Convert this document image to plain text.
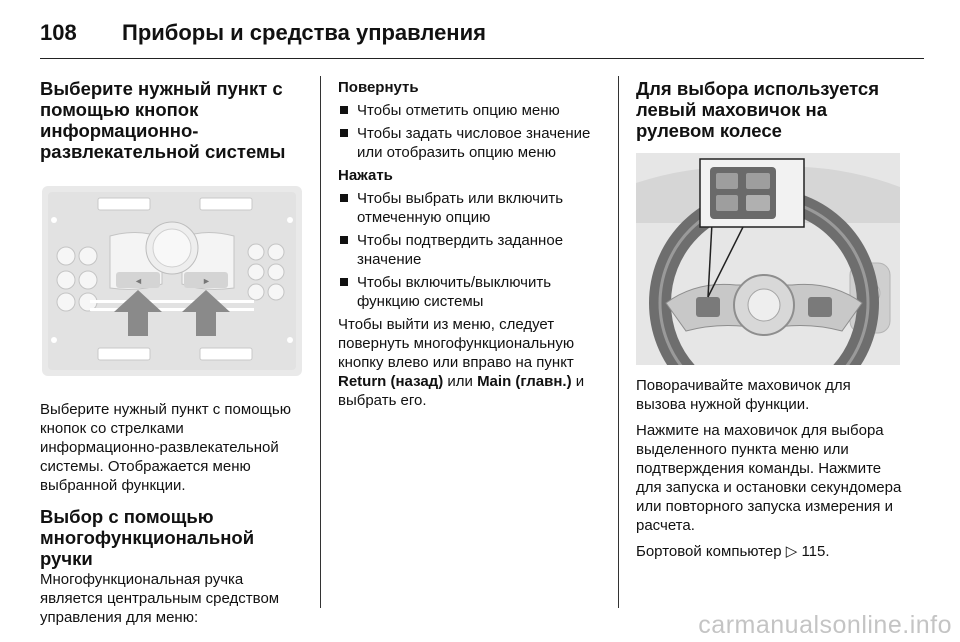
108 Приборы и средства управления
Выберите нужный пункт с помощью кнопок информационно-развлекательной системы
◄	►

Выберите нужный пункт с помощью кнопок со стрелками информационно-развлекательной системы. Отображается меню выбранной функции.

Выбор с помощью многофункциональной ручки

Многофункциональная ручка является центральным средством управления для меню:

Повернуть
Чтобы отметить опцию меню
Чтобы задать числовое значение или отобразить опцию меню
Нажать
Чтобы выбрать или включить отмеченную опцию
Чтобы подтвердить заданное значение
Чтобы включить/выключить функцию системы

Чтобы выйти из меню, следует повернуть многофункциональную кнопку влево или вправо на пункт Return (назад) или Main (главн.) и выбрать его.

Для выбора используется левый маховичок на рулевом колесе

Поворачивайте маховичок для вызова нужной функции.

Нажмите на маховичок для выбора выделенного пункта меню или подтверждения команды. Нажмите для запуска и остановки секундомера или повторного запуска измерения и расчета.

Бортовой компьютер ▷ 115.

carmanualsonline.info
